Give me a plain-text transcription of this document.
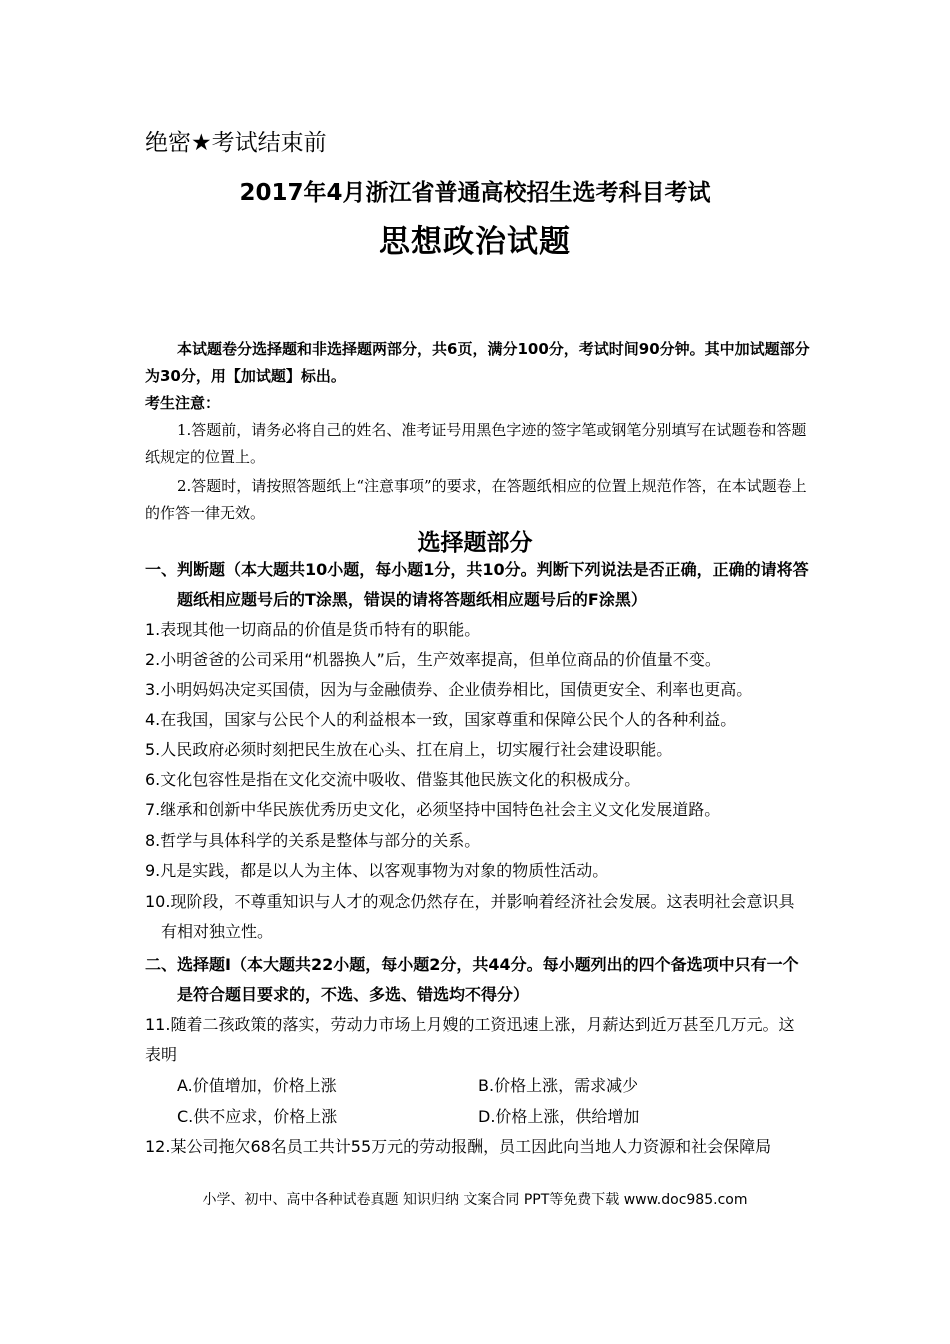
绝密★考试结束前
2017年4月浙江省普通高校招生选考科目考试
思想政治试题
本试题卷分选择题和非选择题两部分，共6页，满分100分，考试时间90分钟。其中加试题部分为30分，用【加试题】标出。
考生注意：
1.答题前，请务必将自己的姓名、准考证号用黑色字迹的签字笔或钢笔分别填写在试题卷和答题纸规定的位置上。
2.答题时，请按照答题纸上“注意事项”的要求，在答题纸相应的位置上规范作答，在本试题卷上的作答一律无效。
选择题部分
一、判断题（本大题共10小题，每小题1分，共10分。判断下列说法是否正确，正确的请将答题纸相应题号后的T涂黑，错误的请将答题纸相应题号后的F涂黑）
1.表现其他一切商品的价值是货币特有的职能。
2.小明爸爸的公司采用“机器换人”后，生产效率提高，但单位商品的价值量不变。
3.小明妈妈决定买国债，因为与金融债券、企业债券相比，国债更安全、利率也更高。
4.在我国，国家与公民个人的利益根本一致，国家尊重和保障公民个人的各种利益。
5.人民政府必须时刻把民生放在心头、扛在肩上，切实履行社会建设职能。
6.文化包容性是指在文化交流中吸收、借鉴其他民族文化的积极成分。
7.继承和创新中华民族优秀历史文化，必须坚持中国特色社会主义文化发展道路。
8.哲学与具体科学的关系是整体与部分的关系。
9.凡是实践，都是以人为主体、以客观事物为对象的物质性活动。
10.现阶段，不尊重知识与人才的观念仍然存在，并影响着经济社会发展。这表明社会意识具有相对独立性。
二、选择题Ⅰ（本大题共22小题，每小题2分，共44分。每小题列出的四个备选项中只有一个是符合题目要求的，不选、多选、错选均不得分）
11.随着二孩政策的落实，劳动力市场上月嫂的工资迅速上涨，月薪达到近万甚至几万元。这表明
A.价值增加，价格上涨	B.价格上涨，需求减少
C.供不应求，价格上涨	D.价格上涨，供给增加
12.某公司拖欠68名员工共计55万元的劳动报酬，员工因此向当地人力资源和社会保障局
小学、初中、高中各种试卷真题 知识归纳 文案合同 PPT等免费下载 www.doc985.com
